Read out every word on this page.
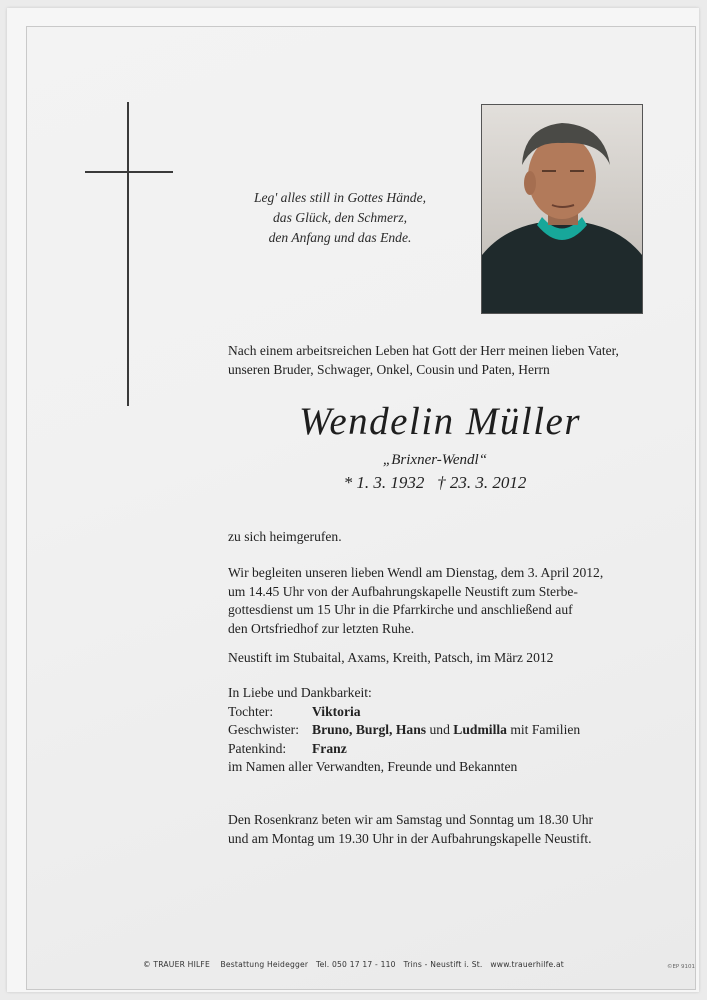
Leg' alles still in Gottes Hände,
das Glück, den Schmerz,
den Anfang und das Ende.
Nach einem arbeitsreichen Leben hat Gott der Herr meinen lieben Vater,
unseren Bruder, Schwager, Onkel, Cousin und Paten, Herrn
Wendelin Müller
„Brixner-Wendl“
* 1. 3. 1932 † 23. 3. 2012
zu sich heimgerufen.
Wir begleiten unseren lieben Wendl am Dienstag, dem 3. April 2012,
um 14.45 Uhr von der Aufbahrungskapelle Neustift zum Sterbe-
gottesdienst um 15 Uhr in die Pfarrkirche und anschließend auf
den Ortsfriedhof zur letzten Ruhe.
Neustift im Stubaital, Axams, Kreith, Patsch, im März 2012
In Liebe und Dankbarkeit:
Tochter:	Viktoria
Geschwister: Bruno, Burgl, Hans und Ludmilla mit Familien
Patenkind: Franz
im Namen aller Verwandten, Freunde und Bekannten
Den Rosenkranz beten wir am Samstag und Sonntag um 18.30 Uhr
und am Montag um 19.30 Uhr in der Aufbahrungskapelle Neustift.
© TRAUER HILFE Bestattung Heidegger Tel. 050 17 17 - 110 Trins - Neustift i. St. www.trauerhilfe.at	©EP 9101
